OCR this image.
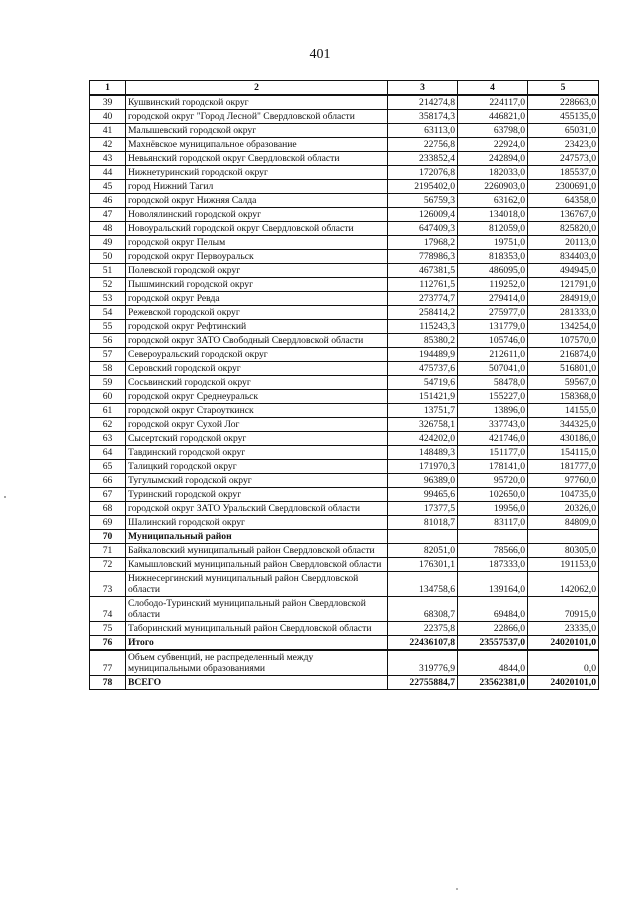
401
1	2	3	4	5
39	Кушвинский городской округ	214274,8	224117,0	228663,0
40	городской округ "Город Лесной" Свердловской области	358174,3	446821,0	455135,0
41	Малышевский городской округ	63113,0	63798,0	65031,0
42	Махнёвское муниципальное образование	22756,8	22924,0	23423,0
43	Невьянский городской округ Свердловской области	233852,4	242894,0	247573,0
44	Нижнетуринский городской округ	172076,8	182033,0	185537,0
45	город Нижний Тагил	2195402,0	2260903,0	2300691,0
46	городской округ Нижняя Салда	56759,3	63162,0	64358,0
47	Новолялинский городской округ	126009,4	134018,0	136767,0
48	Новоуральский городской округ Свердловской области	647409,3	812059,0	825820,0
49	городской округ Пелым	17968,2	19751,0	20113,0
50	городской округ Первоуральск	778986,3	818353,0	834403,0
51	Полевской городской округ	467381,5	486095,0	494945,0
52	Пышминский городской округ	112761,5	119252,0	121791,0
53	городской округ Ревда	273774,7	279414,0	284919,0
54	Режевской городской округ	258414,2	275977,0	281333,0
55	городской округ Рефтинский	115243,3	131779,0	134254,0
56	городской округ ЗАТО Свободный Свердловской области	85380,2	105746,0	107570,0
57	Североуральский городской округ	194489,9	212611,0	216874,0
58	Серовский городской округ	475737,6	507041,0	516801,0
59	Сосьвинский городской округ	54719,6	58478,0	59567,0
60	городской округ Среднеуральск	151421,9	155227,0	158368,0
61	городской округ Староуткинск	13751,7	13896,0	14155,0
62	городской округ Сухой Лог	326758,1	337743,0	344325,0
63	Сысертский городской округ	424202,0	421746,0	430186,0
64	Тавдинский городской округ	148489,3	151177,0	154115,0
65	Талицкий городской округ	171970,3	178141,0	181777,0
66	Тугулымский городской округ	96389,0	95720,0	97760,0
67	Туринский городской округ	99465,6	102650,0	104735,0
68	городской округ ЗАТО Уральский Свердловской области	17377,5	19956,0	20326,0
69	Шалинский городской округ	81018,7	83117,0	84809,0
70	Муниципальный район			
71	Байкаловский муниципальный район Свердловской области	82051,0	78566,0	80305,0
72	Камышловский муниципальный район Свердловской области	176301,1	187333,0	191153,0
73	Нижнесергинский муниципальный район Свердловской области	134758,6	139164,0	142062,0
74	Слободо-Туринский муниципальный район Свердловской области	68308,7	69484,0	70915,0
75	Таборинский муниципальный район Свердловской области	22375,8	22866,0	23335,0
76	Итого	22436107,8	23557537,0	24020101,0
77	Объем субвенций, не распределенный между муниципальными образованиями	319776,9	4844,0	0,0
78	ВСЕГО	22755884,7	23562381,0	24020101,0
